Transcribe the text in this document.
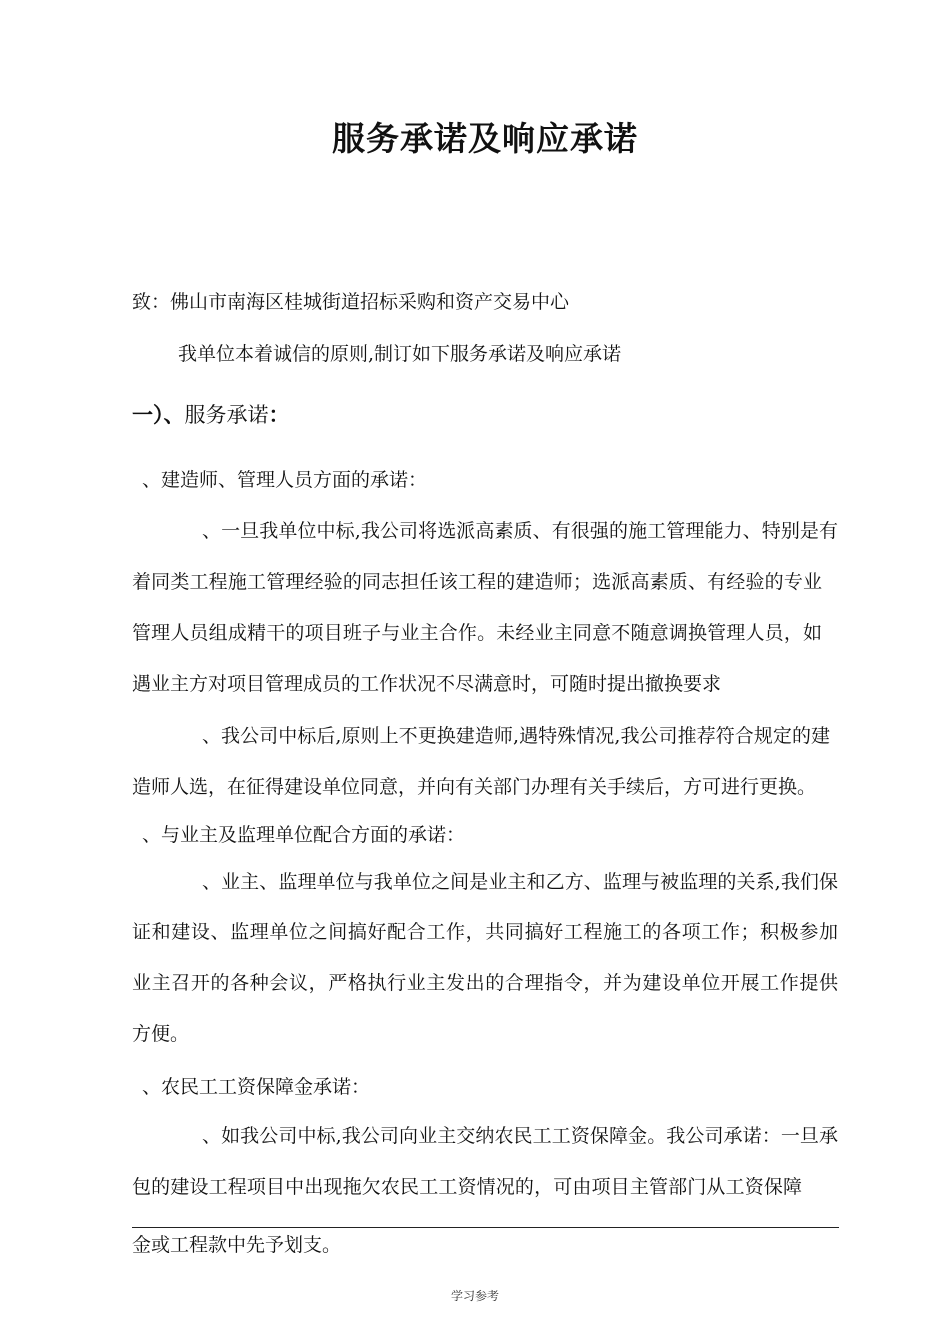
服务承诺及响应承诺

致：佛山市南海区桂城街道招标采购和资产交易中心

我单位本着诚信的原则,制订如下服务承诺及响应承诺

一）、服务承诺：

、建造师、管理人员方面的承诺：

、一旦我单位中标,我公司将选派高素质、有很强的施工管理能力、特别是有

着同类工程施工管理经验的同志担任该工程的建造师；选派高素质、有经验的专业

管理人员组成精干的项目班子与业主合作。未经业主同意不随意调换管理人员，如

遇业主方对项目管理成员的工作状况不尽满意时，可随时提出撤换要求

、我公司中标后,原则上不更换建造师,遇特殊情况,我公司推荐符合规定的建

造师人选，在征得建设单位同意，并向有关部门办理有关手续后，方可进行更换。

、与业主及监理单位配合方面的承诺：

、业主、监理单位与我单位之间是业主和乙方、监理与被监理的关系,我们保

证和建设、监理单位之间搞好配合工作，共同搞好工程施工的各项工作；积极参加

业主召开的各种会议，严格执行业主发出的合理指令，并为建设单位开展工作提供

方便。

、农民工工资保障金承诺：

、如我公司中标,我公司向业主交纳农民工工资保障金。我公司承诺：一旦承

包的建设工程项目中出现拖欠农民工工资情况的，可由项目主管部门从工资保障

金或工程款中先予划支。

学习参考
